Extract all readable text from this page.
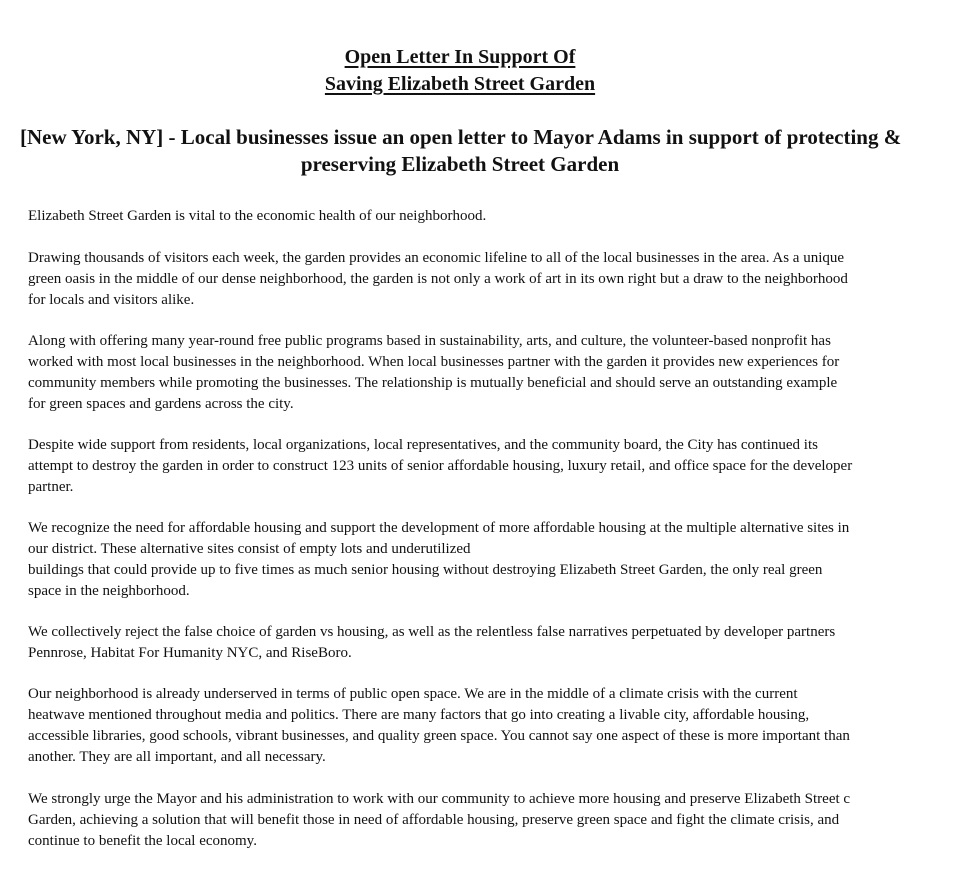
Open Letter In Support Of
Saving Elizabeth Street Garden
[New York, NY] - Local businesses issue an open letter to Mayor Adams in support of protecting &
preserving Elizabeth Street Garden

Elizabeth Street Garden is vital to the economic health of our neighborhood.

Drawing thousands of visitors each week, the garden provides an economic lifeline to all of the local businesses in the area. As a unique
green oasis in the middle of our dense neighborhood, the garden is not only a work of art in its own right but a draw to the neighborhood
for locals and visitors alike.

Along with offering many year-round free public programs based in sustainability, arts, and culture, the volunteer-based nonprofit has
worked with most local businesses in the neighborhood. When local businesses partner with the garden it provides new experiences for
community members while promoting the businesses. The relationship is mutually beneficial and should serve an outstanding example
for green spaces and gardens across the city.

Despite wide support from residents, local organizations, local representatives, and the community board, the City has continued its
attempt to destroy the garden in order to construct 123 units of senior affordable housing, luxury retail, and office space for the developer
partner.

We recognize the need for affordable housing and support the development of more affordable housing at the multiple alternative sites in
our district. These alternative sites consist of empty lots and underutilized
buildings that could provide up to five times as much senior housing without destroying Elizabeth Street Garden, the only real green
space in the neighborhood.

We collectively reject the false choice of garden vs housing, as well as the relentless false narratives perpetuated by developer partners
Pennrose, Habitat For Humanity NYC, and RiseBoro.

Our neighborhood is already underserved in terms of public open space. We are in the middle of a climate crisis with the current
heatwave mentioned throughout media and politics. There are many factors that go into creating a livable city, affordable housing,
accessible libraries, good schools, vibrant businesses, and quality green space. You cannot say one aspect of these is more important than
another. They are all important, and all necessary.

We strongly urge the Mayor and his administration to work with our community to achieve more housing and preserve Elizabeth Street c
Garden, achieving a solution that will benefit those in need of affordable housing, preserve green space and fight the climate crisis, and
continue to benefit the local economy.
